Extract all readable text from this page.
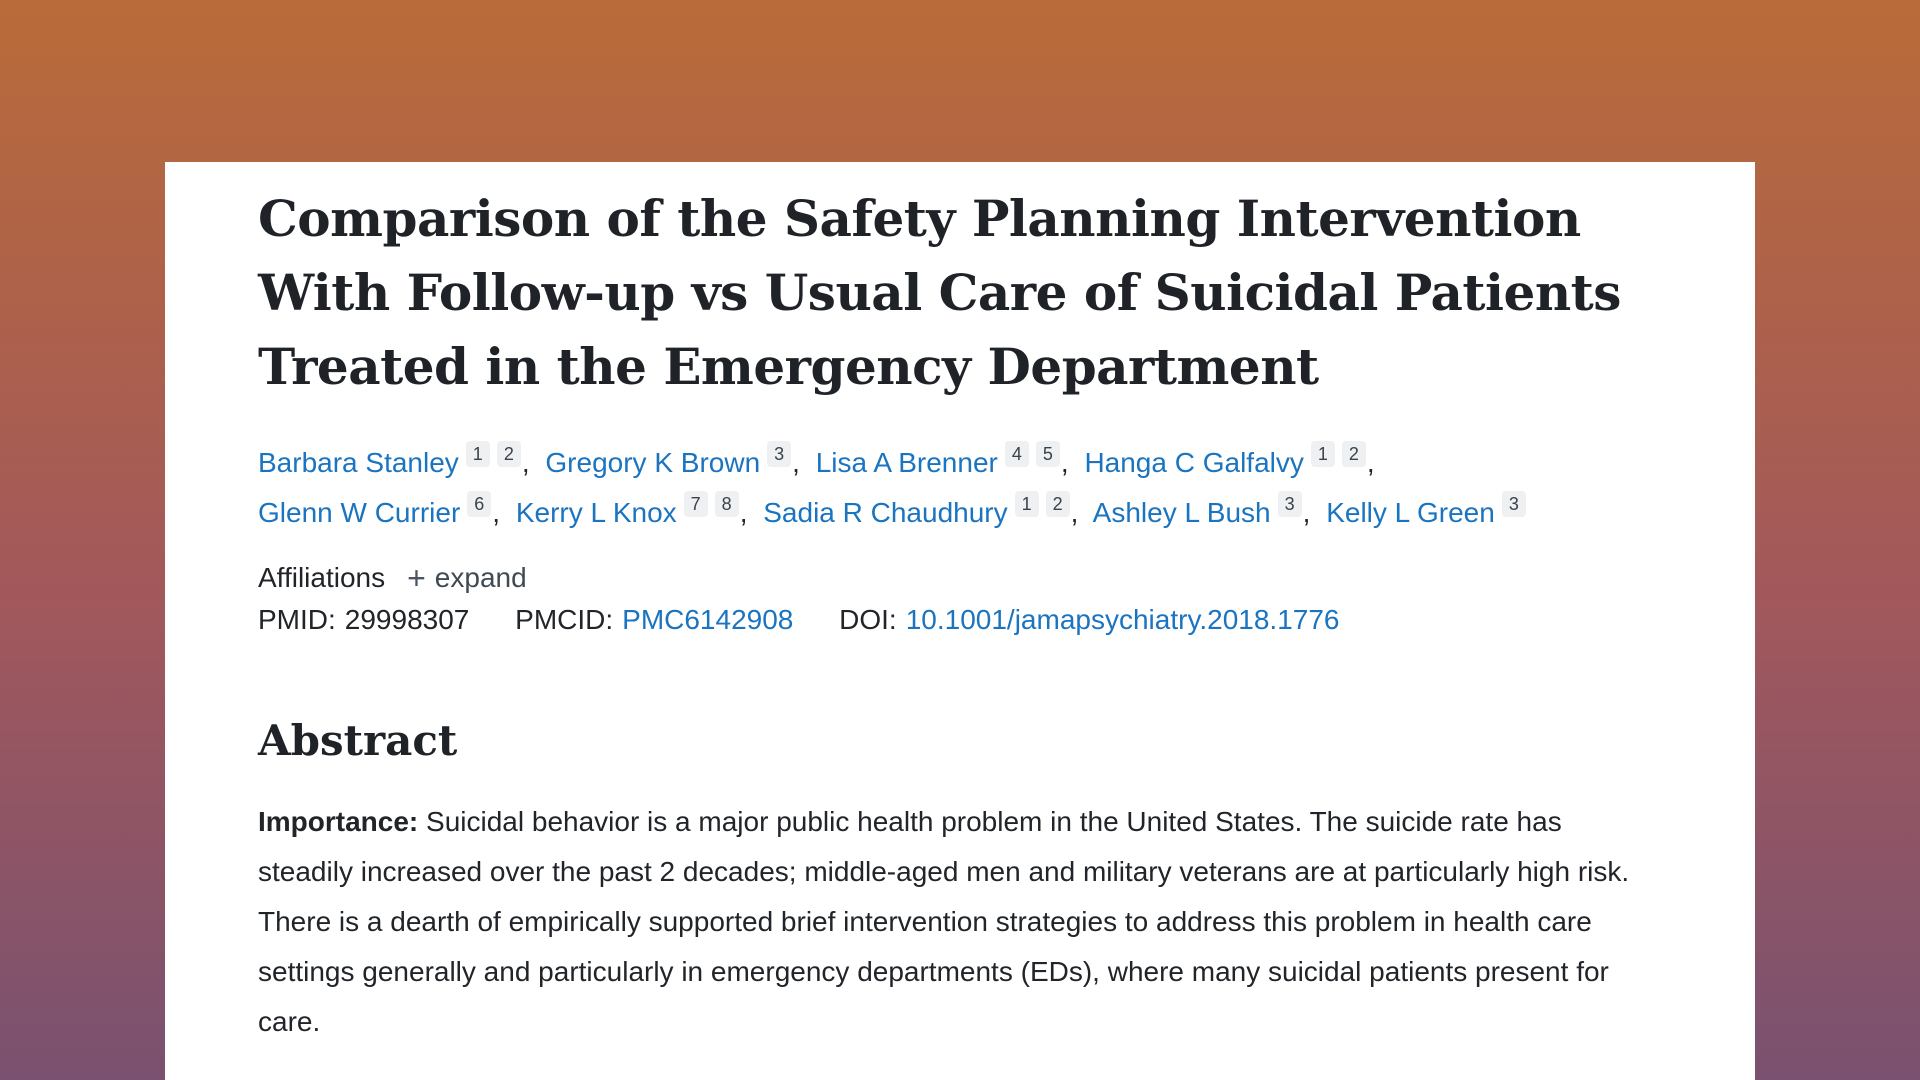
Comparison of the Safety Planning Intervention
With Follow-up vs Usual Care of Suicidal Patients
Treated in the Emergency Department
Barbara Stanley 1 2 , Gregory K Brown 3 , Lisa A Brenner 4 5 , Hanga C Galfalvy 1 2 ,
Glenn W Currier 6 , Kerry L Knox 7 8 , Sadia R Chaudhury 1 2 , Ashley L Bush 3 , Kelly L Green 3
Affiliations + expand
PMID: 29998307 PMCID: PMC6142908 DOI: 10.1001/jamapsychiatry.2018.1776
Abstract

Importance: Suicidal behavior is a major public health problem in the United States. The suicide rate has steadily increased over the past 2 decades; middle-aged men and military veterans are at particularly high risk. There is a dearth of empirically supported brief intervention strategies to address this problem in health care settings generally and particularly in emergency departments (EDs), where many suicidal patients present for care.
